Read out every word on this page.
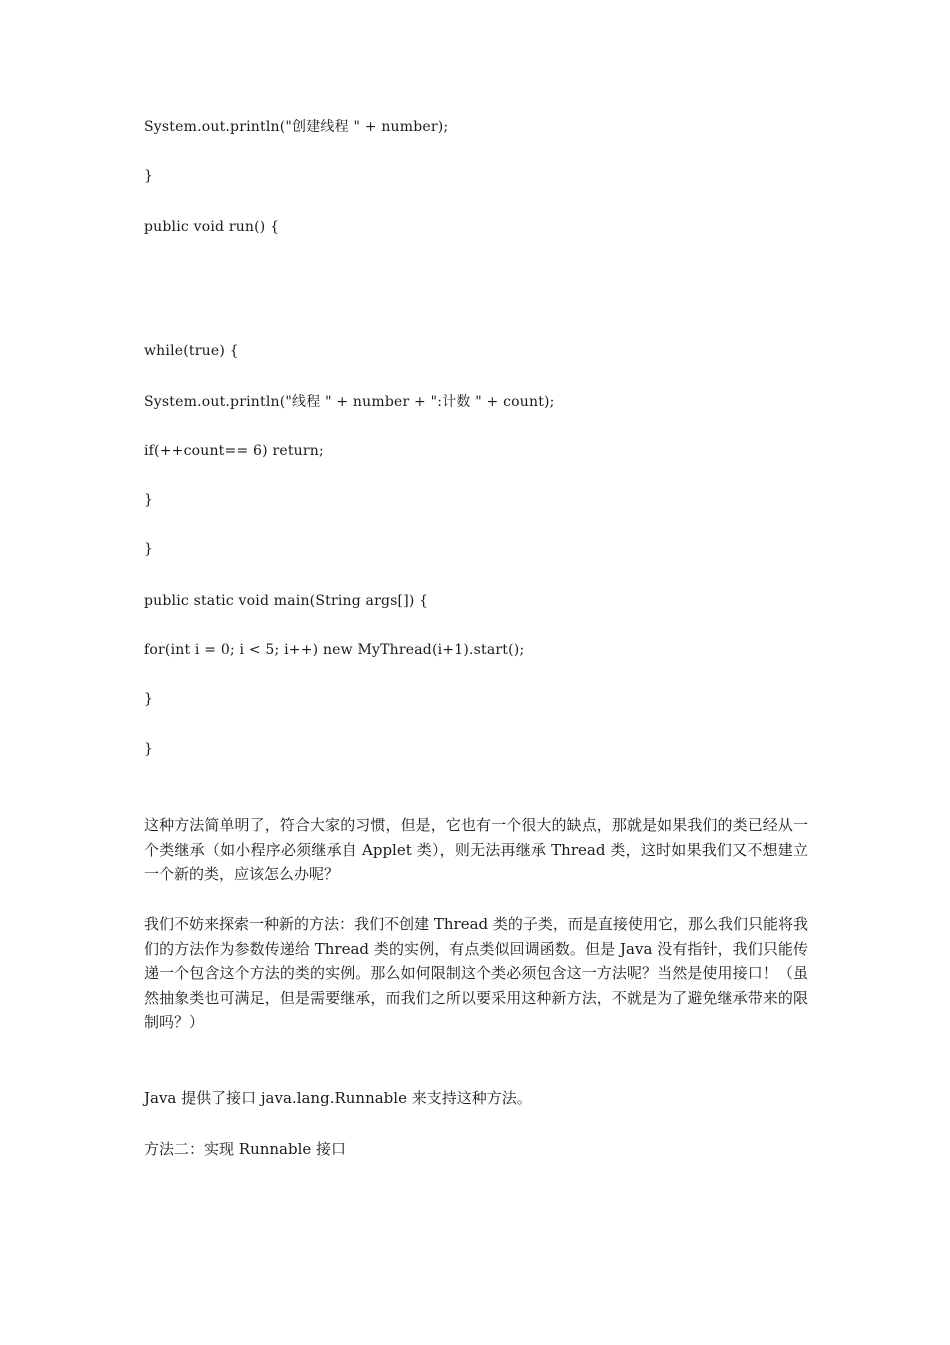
System.out.println("创建线程 " + number);

}

public void run() {

while(true) {

System.out.println("线程 " + number + ":计数 " + count);

if(++count== 6) return;

}

}

public static void main(String args[]) {

for(int i = 0; i < 5; i++) new MyThread(i+1).start();

}

}

这种方法简单明了，符合大家的习惯，但是，它也有一个很大的缺点，那就是如果我们的类已经从一个类继承（如小程序必须继承自 Applet 类），则无法再继承 Thread 类，这时如果我们又不想建立一个新的类，应该怎么办呢？

我们不妨来探索一种新的方法：我们不创建 Thread 类的子类，而是直接使用它，那么我们只能将我们的方法作为参数传递给 Thread 类的实例，有点类似回调函数。但是 Java 没有指针，我们只能传递一个包含这个方法的类的实例。那么如何限制这个类必须包含这一方法呢？当然是使用接口！（虽然抽象类也可满足，但是需要继承，而我们之所以要采用这种新方法，不就是为了避免继承带来的限制吗？）

Java 提供了接口 java.lang.Runnable 来支持这种方法。

方法二：实现 Runnable 接口
